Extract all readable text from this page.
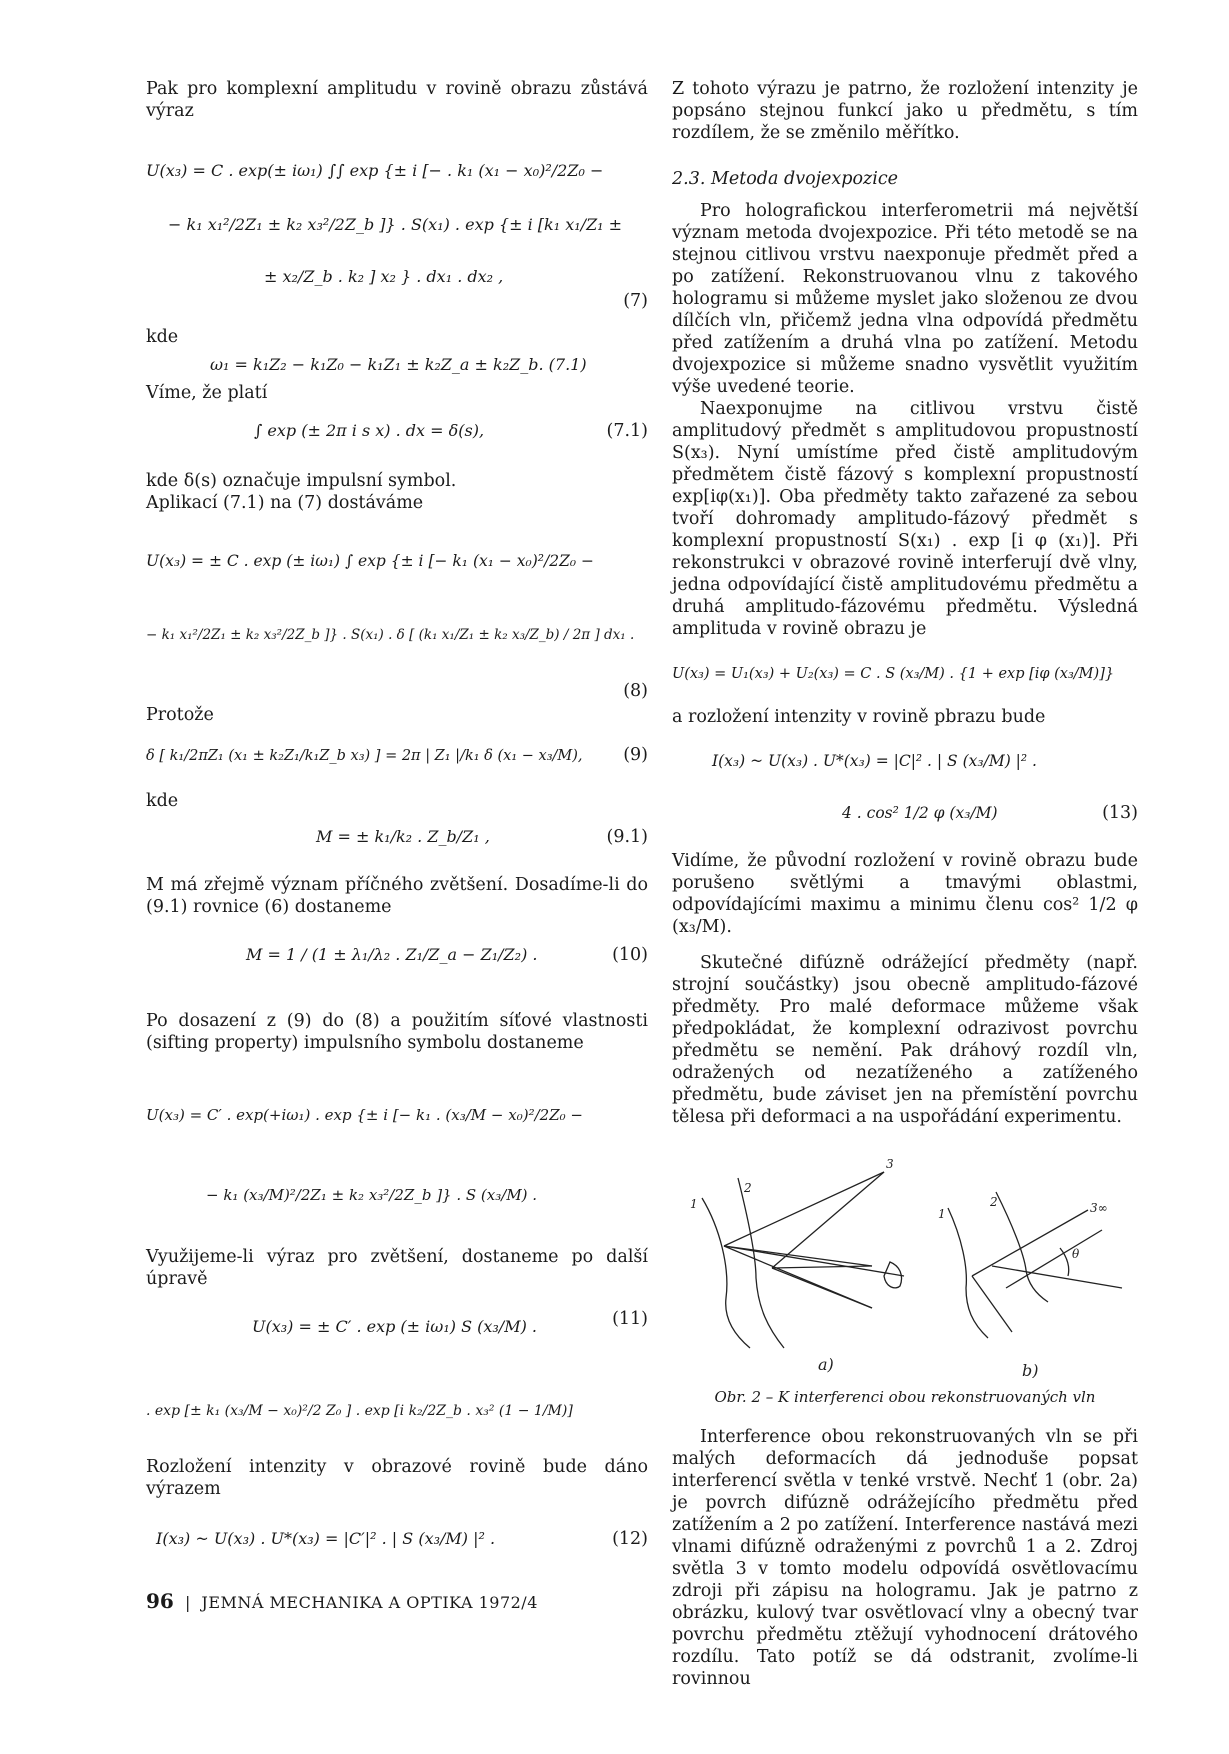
Pak pro komplexní amplitudu v rovině obrazu zůstává výraz

U(x₃) = C . exp(± iω₁) ∫∫ exp {± i [− . k₁ (x₁ − x₀)²/2Z₀ −
− k₁ x₁²/2Z₁ ± k₂ x₃²/2Z_b ]} . S(x₁) . exp {± i [k₁ x₁/Z₁ ±
± x₂/Z_b . k₂ ] x₂ } . dx₁ . dx₂ ,
(7)

kde

ω₁ = k₁Z₂ − k₁Z₀ − k₁Z₁ ± k₂Z_a ± k₂Z_b. (7.1)

Víme, že platí

∫ exp (± 2π i s x) . dx = δ(s),	(7.1)

kde δ(s) označuje impulsní symbol.

Aplikací (7.1) na (7) dostáváme

U(x₃) = ± C . exp (± iω₁) ∫ exp {± i [− k₁ (x₁ − x₀)²/2Z₀ −
− k₁ x₁²/2Z₁ ± k₂ x₃²/2Z_b ]} . S(x₁) . δ [ (k₁ x₁/Z₁ ± k₂ x₃/Z_b) / 2π ] dx₁ .
(8)

Protože

δ [ k₁/2πZ₁ (x₁ ± k₂Z₁/k₁Z_b x₃) ] = 2π | Z₁ |/k₁ δ (x₁ − x₃/M), (9)

kde

M = ± k₁/k₂ . Z_b/Z₁ ,	(9.1)

M má zřejmě význam příčného zvětšení. Dosadíme-li do (9.1) rovnice (6) dostaneme

M = 1 / (1 ± λ₁/λ₂ . Z₁/Z_a − Z₁/Z₂) .	(10)

Po dosazení z (9) do (8) a použitím síťové vlastnosti (sifting property) impulsního symbolu dostaneme

U(x₃) = C′ . exp(+iω₁) . exp {± i [− k₁ . (x₃/M − x₀)²/2Z₀ −
− k₁ (x₃/M)²/2Z₁ ± k₂ x₃²/2Z_b ]} . S (x₃/M) .

Využijeme-li výraz pro zvětšení, dostaneme po další úpravě

U(x₃) = ± C′ . exp (± iω₁) S (x₃/M) .
. exp [± k₁ (x₃/M − x₀)²/2 Z₀ ] . exp [i k₂/2Z_b . x₃² (1 − 1/M)]
(11)

Rozložení intenzity v obrazové rovině bude dáno výrazem

I(x₃) ~ U(x₃) . U*(x₃) = |C′|² . | S (x₃/M) |² .	(12)

Z tohoto výrazu je patrno, že rozložení intenzity je popsáno stejnou funkcí jako u předmětu, s tím rozdílem, že se změnilo měřítko.

2.3. Metoda dvojexpozice

Pro holografickou interferometrii má největší význam metoda dvojexpozice. Při této metodě se na stejnou citlivou vrstvu naexponuje předmět před a po zatížení. Rekonstruovanou vlnu z takového hologramu si můžeme myslet jako složenou ze dvou dílčích vln, přičemž jedna vlna odpovídá předmětu před zatížením a druhá vlna po zatížení. Metodu dvojexpozice si můžeme snadno vysvětlit využitím výše uvedené teorie.

Naexponujme na citlivou vrstvu čistě amplitudový předmět s amplitudovou propustností S(x₃). Nyní umístíme před čistě amplitudovým předmětem čistě fázový s komplexní propustností exp[iφ(x₁)]. Oba předměty takto zařazené za sebou tvoří dohromady amplitudo-fázový předmět s komplexní propustností S(x₁) . exp [i φ (x₁)]. Při rekonstrukci v obrazové rovině interferují dvě vlny, jedna odpovídající čistě amplitudovému předmětu a druhá amplitudo-fázovému předmětu. Výsledná amplituda v rovině obrazu je

U(x₃) = U₁(x₃) + U₂(x₃) = C . S (x₃/M) . {1 + exp [iφ (x₃/M)]}

a rozložení intenzity v rovině pbrazu bude

I(x₃) ~ U(x₃) . U*(x₃) = |C|² . | S (x₃/M) |² .
4 . cos² 1/2 φ (x₃/M)	(13)

Vidíme, že původní rozložení v rovině obrazu bude porušeno světlými a tmavými oblastmi, odpovídajícími maximu a minimu členu cos² 1/2 φ (x₃/M).

Skutečné difúzně odrážející předměty (např. strojní součástky) jsou obecně amplitudo-fázové předměty. Pro malé deformace můžeme však předpokládat, že komplexní odrazivost povrchu předmětu se nemění. Pak dráhový rozdíl vln, odražených od nezatíženého a zatíženého předmětu, bude záviset jen na přemístění povrchu tělesa při deformaci a na uspořádání experimentu.

1
2
3
1
2	3∞
θ
a)	b)
Obr. 2 – K interferenci obou rekonstruovaných vln

Interference obou rekonstruovaných vln se při malých deformacích dá jednoduše popsat interferencí světla v tenké vrstvě. Nechť 1 (obr. 2a) je povrch difúzně odrážejícího předmětu před zatížením a 2 po zatížení. Interference nastává mezi vlnami difúzně odraženými z povrchů 1 a 2. Zdroj světla 3 v tomto modelu odpovídá osvětlovacímu zdroji při zápisu na hologramu. Jak je patrno z obrázku, kulový tvar osvětlovací vlny a obecný tvar povrchu předmětu ztěžují vyhodnocení drátového rozdílu. Tato potíž se dá odstranit, zvolíme-li rovinnou

96 | JEMNÁ MECHANIKA A OPTIKA 1972/4
